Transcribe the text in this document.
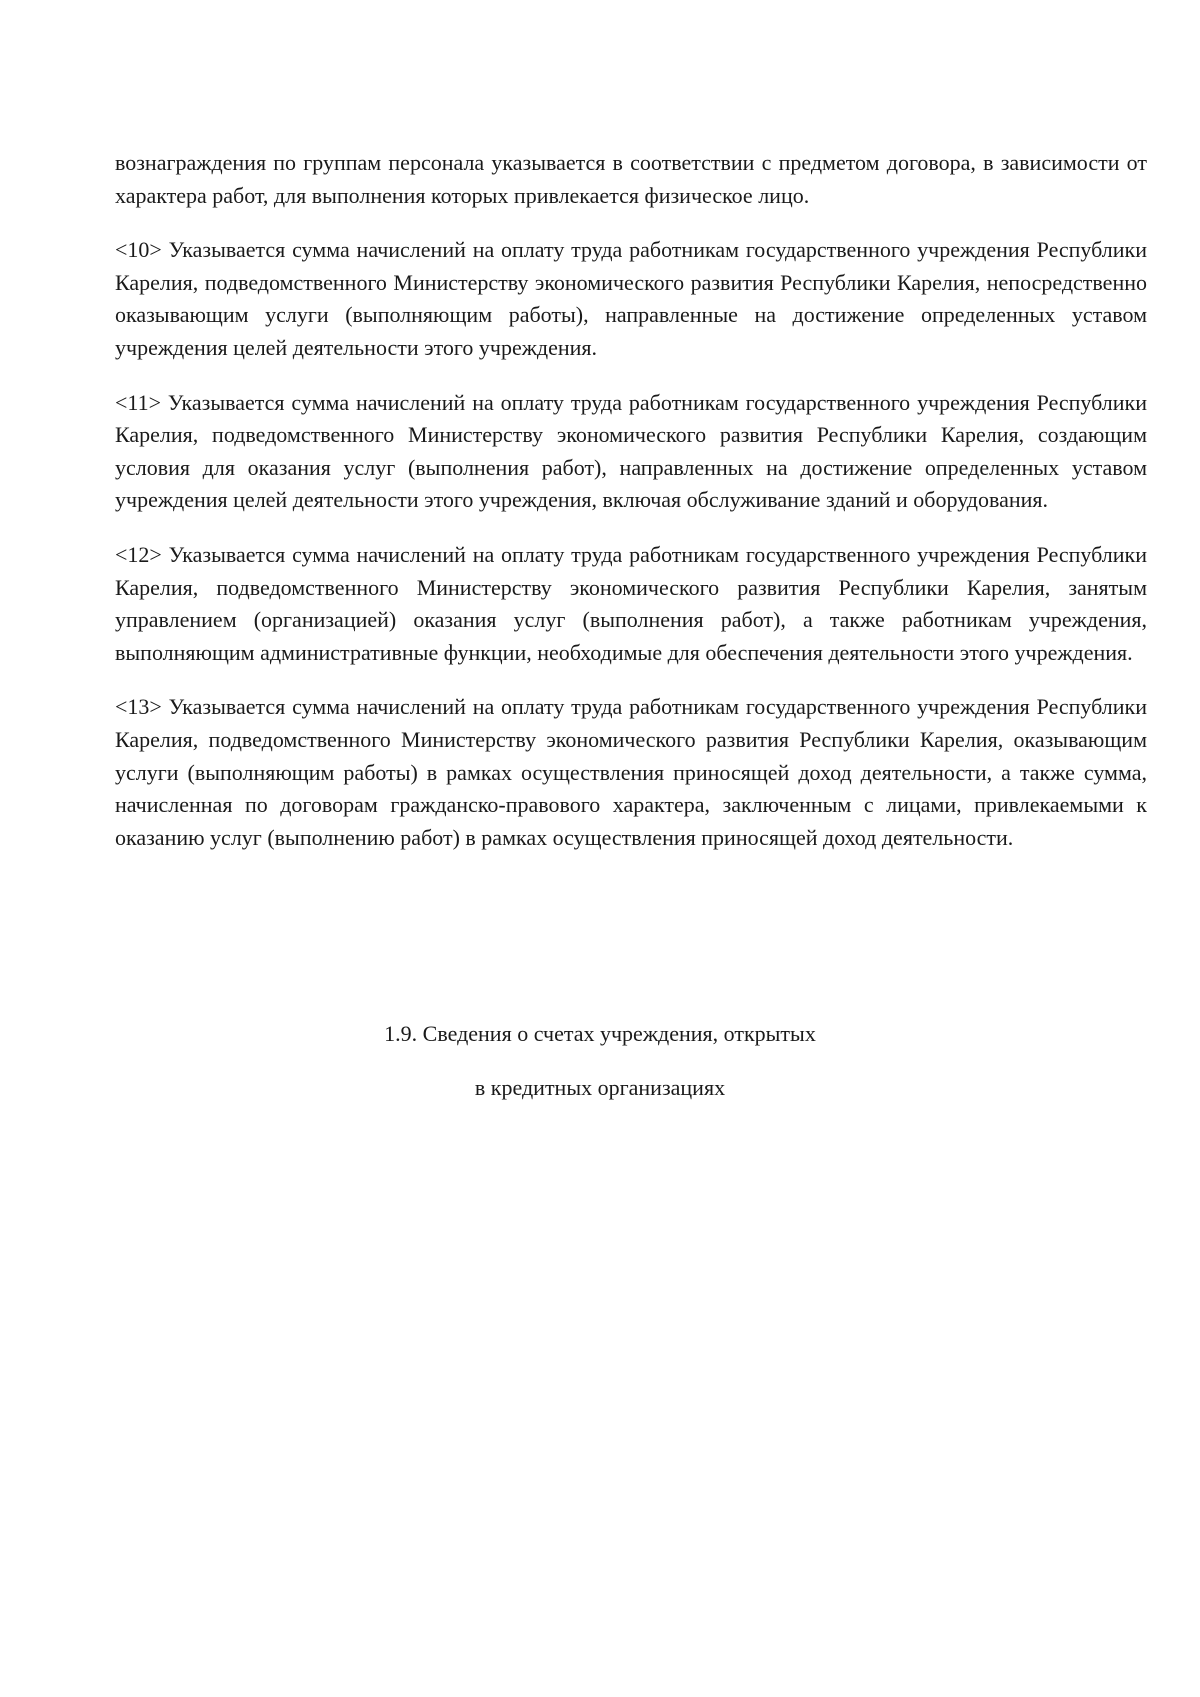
вознаграждения по группам персонала указывается в соответствии с предметом договора, в зависимости от характера работ, для выполнения которых привлекается физическое лицо.

<10> Указывается сумма начислений на оплату труда работникам государственного учреждения Республики Карелия, подведомственного Министерству экономического развития Республики Карелия, непосредственно оказывающим услуги (выполняющим работы), направленные на достижение определенных уставом учреждения целей деятельности этого учреждения.

<11> Указывается сумма начислений на оплату труда работникам государственного учреждения Республики Карелия, подведомственного Министерству экономического развития Республики Карелия, создающим условия для оказания услуг (выполнения работ), направленных на достижение определенных уставом учреждения целей деятельности этого учреждения, включая обслуживание зданий и оборудования.

<12> Указывается сумма начислений на оплату труда работникам государственного учреждения Республики Карелия, подведомственного Министерству экономического развития Республики Карелия, занятым управлением (организацией) оказания услуг (выполнения работ), а также работникам учреждения, выполняющим административные функции, необходимые для обеспечения деятельности этого учреждения.

<13> Указывается сумма начислений на оплату труда работникам государственного учреждения Республики Карелия, подведомственного Министерству экономического развития Республики Карелия, оказывающим услуги (выполняющим работы) в рамках осуществления приносящей доход деятельности, а также сумма, начисленная по договорам гражданско-правового характера, заключенным с лицами, привлекаемыми к оказанию услуг (выполнению работ) в рамках осуществления приносящей доход деятельности.

1.9. Сведения о счетах учреждения, открытых
в кредитных организациях
